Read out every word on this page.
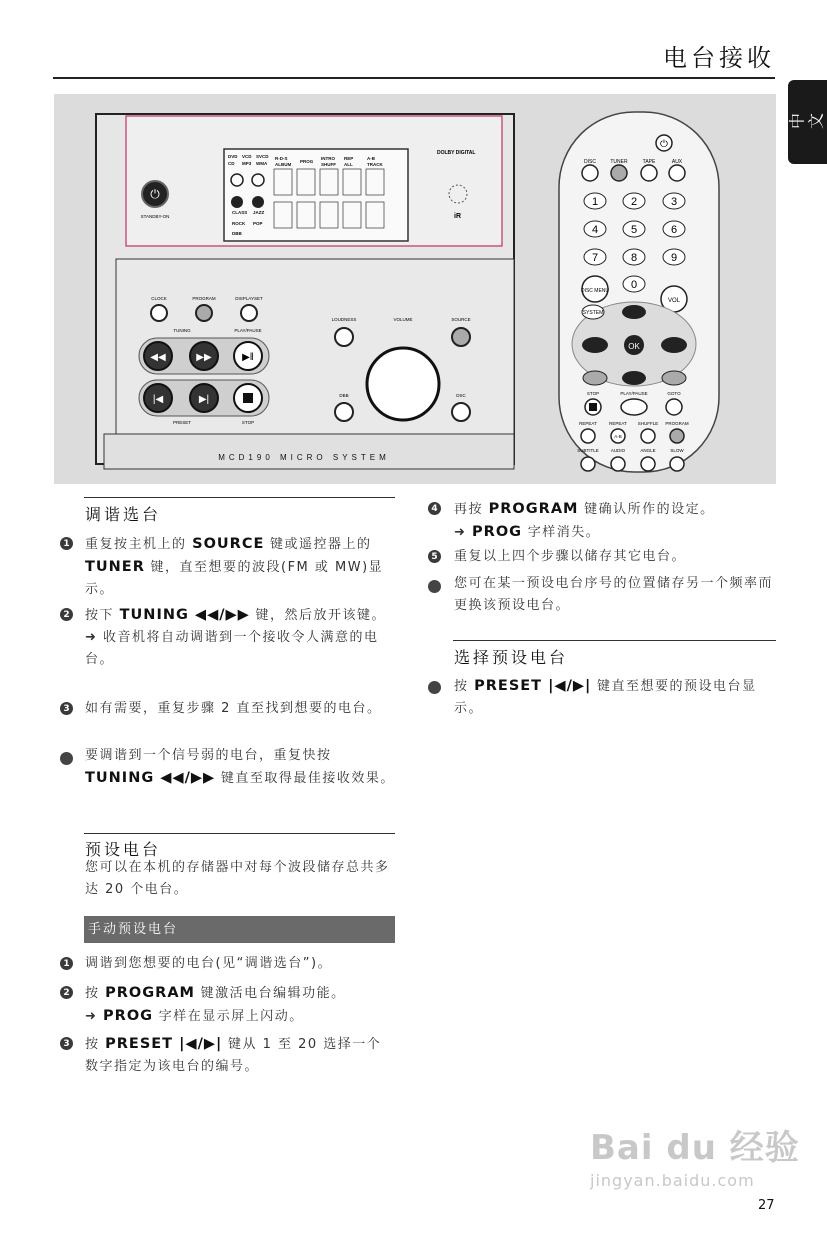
电台接收
中文
MCD190 MICRO SYSTEM
⏻
STANDBY-ON
DVD VCD SVCD
CD MP3 WMA
R-D-S
ALBUM
PROG
INTRO
SHUFF
REP
ALL
A-B
TRACK
CLASS JAZZ
ROCK POP
DBB
DOLBY DIGITAL
iR
CLOCK	PROGRAM	DISPLAYSET
TUNING	PLAY/PAUSE
PRESET	STOP
LOUDNESS	VOLUME	SOURCE
DBB	DSC
◀◀	▶▶	▶‖
|◀	▶|
⏻
DISC	TUNER	TAPE	AUX
1	2	3
4	5	6
7	8	9
0
DISC MENU
VOL
SYSTEM
OK
STOP	PLAY/PAUSE	GOTO
REPEAT	REPEAT SHUFFLE PROGRAM
SUBTITLE	AUDIO	ANGLE	SLOW
A-B
调谐选台
1 重复按主机上的 SOURCE 键或遥控器上的TUNER 键，直至想要的波段(FM 或 MW)显示。
2 按下 TUNING ◀◀/▶▶ 键，然后放开该键。
➜ 收音机将自动调谐到一个接收令人满意的电台。
3 如有需要，重复步骤 2 直至找到想要的电台。
要调谐到一个信号弱的电台，重复快按
TUNING ◀◀/▶▶ 键直至取得最佳接收效果。
预设电台
您可以在本机的存储器中对每个波段储存总共多达 20 个电台。
手动预设电台
1 调谐到您想要的电台(见“调谐选台”)。
2 按 PROGRAM 键激活电台编辑功能。
➜ PROG 字样在显示屏上闪动。
3 按 PRESET |◀/▶| 键从 1 至 20 选择一个数字指定为该电台的编号。
4 再按 PROGRAM 键确认所作的设定。
➜ PROG 字样消失。
5 重复以上四个步骤以储存其它电台。
您可在某一预设电台序号的位置储存另一个频率而更换该预设电台。
选择预设电台
按 PRESET |◀/▶| 键直至想要的预设电台显示。
Bai du 经验
jingyan.baidu.com
27
